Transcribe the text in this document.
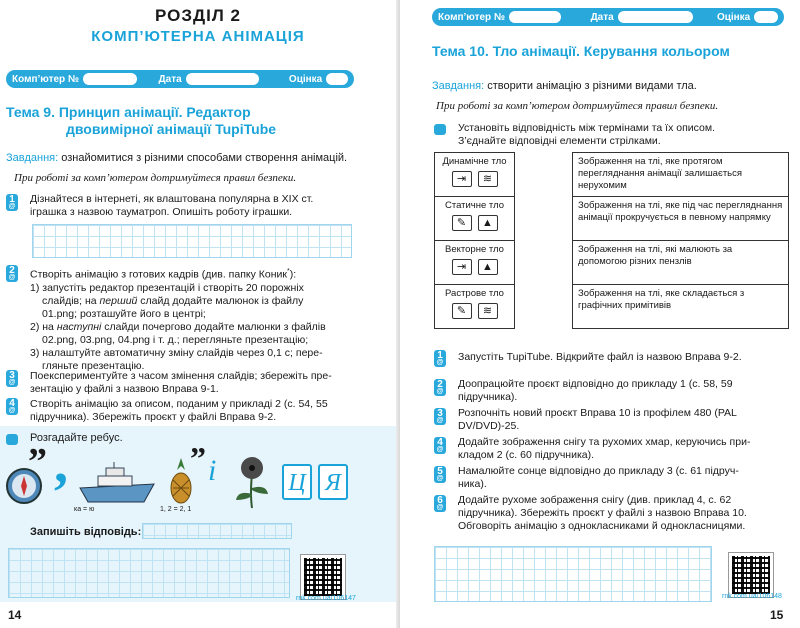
РОЗДІЛ 2
КОМП’ЮТЕРНА АНІМАЦІЯ
Комп’ютер №	Дата	Оцінка
Тема 9. Принцип анімації. Редактор
двовимірної анімації TupiTube
Завдання: ознайомитися з різними способами створення анімацій.
При роботі за комп’ютером дотримуйтеся правил безпеки.
1 @	Дізнайтеся в інтернеті, як влаштована популярна в XIX ст.
іграшка з назвою тауматроп. Опишіть роботу іграшки.
2 @	Створіть анімацію з готових кадрів (див. папку Коник*):
1) запустіть редактор презентацій і створіть 20 порожніх
слайдів; на перший слайд додайте малюнок із файлу
01.png; розташуйте його в центрі;
2) на наступні слайди почергово додайте малюнки з файлів
02.png, 03.png, 04.png і т. д.; перегляньте презентацію;
3) налаштуйте автоматичну зміну слайдів через 0,1 с; пере-
гляньте презентацію.
3 @	Поекспериментуйте з часом змінення слайдів; збережіть пре-
зентацію у файлі з назвою Вправа 9-1.
4 @	Створіть анімацію за описом, поданим у прикладі 2 (с. 54, 55
підручника). Збережіть проєкт у файлі Вправа 9-2.
Розгадайте ребус.
” ,
ка = ю
”
1, 2 = 2, 1
і	Ц Я
Запишіть відповідь:
rnk.com.ua/106147
14
Комп’ютер №	Дата	Оцінка
Тема 10. Тло анімації. Керування кольором
Завдання: створити анімацію з різними видами тла.
При роботі за комп’ютером дотримуйтеся правил безпеки.
Установіть відповідність між термінами та їх описом.
З’єднайте відповідні елементи стрілками.
Динамічне тло
⇥ ≋		Зображення на тлі, яке протягом перегляднання анімації залишається нерухомим

Статичне тло
✎ ▲		Зображення на тлі, яке під час перегляднання анімації прокручується в певному напрямку

Векторне тло
⇥ ▲		Зображення на тлі, які малюють за допомогою різних пензлів

Растрове тло
✎ ≋		Зображення на тлі, яке складається з графічних примітивів
1 @	Запустіть TupiTube. Відкрийте файл із назвою Вправа 9-2.
2 @	Доопрацюйте проєкт відповідно до прикладу 1 (с. 58, 59
підручника).
3 @	Розпочніть новий проєкт Вправа 10 із профілем 480 (PAL
DV/DVD)-25.
4 @	Додайте зображення снігу та рухомих хмар, керуючись при-
кладом 2 (с. 60 підручника).
5 @	Намалюйте сонце відповідно до прикладу 3 (с. 61 підруч-
ника).
6 @	Додайте рухоме зображення снігу (див. приклад 4, с. 62
підручника). Збережіть проєкт у файлі з назвою Вправа 10.
Обговоріть анімацію з однокласниками й однокласницями.
rnk.com.ua/106148
15
